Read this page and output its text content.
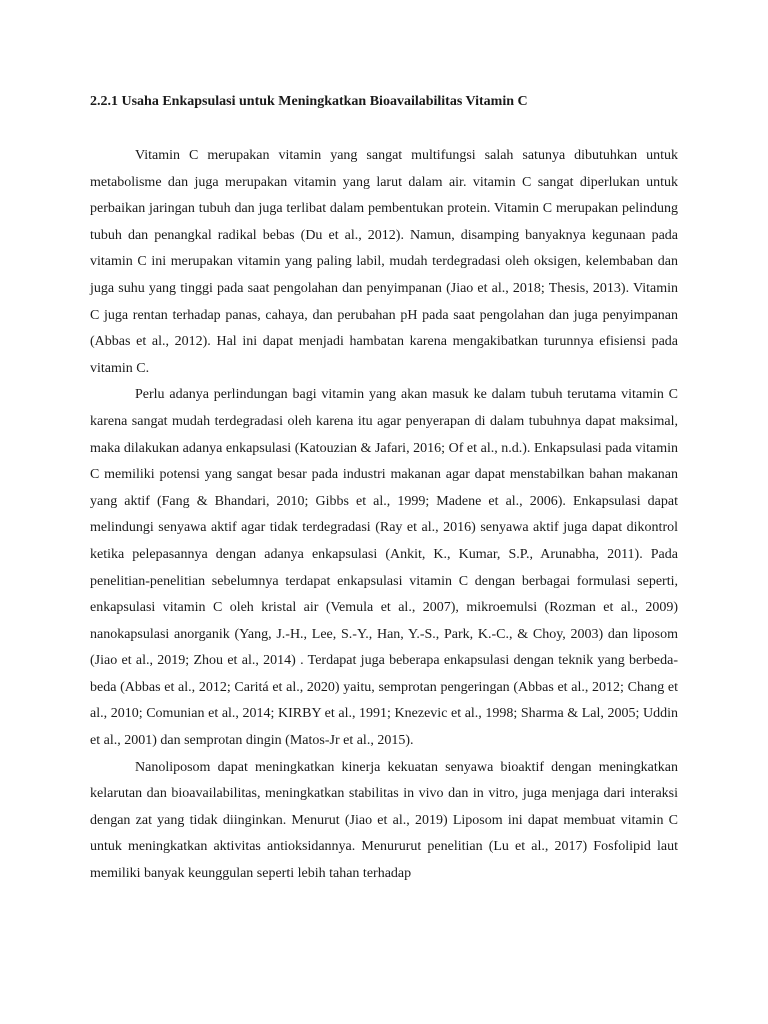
2.2.1 Usaha Enkapsulasi untuk Meningkatkan Bioavailabilitas Vitamin C

Vitamin C merupakan vitamin yang sangat multifungsi salah satunya dibutuhkan untuk metabolisme dan juga merupakan vitamin yang larut dalam air. vitamin C sangat diperlukan untuk perbaikan jaringan tubuh dan juga terlibat dalam pembentukan protein. Vitamin C merupakan pelindung tubuh dan penangkal radikal bebas (Du et al., 2012). Namun, disamping banyaknya kegunaan pada vitamin C ini merupakan vitamin yang paling labil, mudah terdegradasi oleh oksigen, kelembaban dan juga suhu yang tinggi pada saat pengolahan dan penyimpanan (Jiao et al., 2018; Thesis, 2013). Vitamin C juga rentan terhadap panas, cahaya, dan perubahan pH pada saat pengolahan dan juga penyimpanan (Abbas et al., 2012). Hal ini dapat menjadi hambatan karena mengakibatkan turunnya efisiensi pada vitamin C.

Perlu adanya perlindungan bagi vitamin yang akan masuk ke dalam tubuh terutama vitamin C karena sangat mudah terdegradasi oleh karena itu agar penyerapan di dalam tubuhnya dapat maksimal, maka dilakukan adanya enkapsulasi (Katouzian & Jafari, 2016; Of et al., n.d.). Enkapsulasi pada vitamin C memiliki potensi yang sangat besar pada industri makanan agar dapat menstabilkan bahan makanan yang aktif (Fang & Bhandari, 2010; Gibbs et al., 1999; Madene et al., 2006). Enkapsulasi dapat melindungi senyawa aktif agar tidak terdegradasi (Ray et al., 2016) senyawa aktif juga dapat dikontrol ketika pelepasannya dengan adanya enkapsulasi (Ankit, K., Kumar, S.P., Arunabha, 2011). Pada penelitian-penelitian sebelumnya terdapat enkapsulasi vitamin C dengan berbagai formulasi seperti, enkapsulasi vitamin C oleh kristal air (Vemula et al., 2007), mikroemulsi (Rozman et al., 2009) nanokapsulasi anorganik (Yang, J.-H., Lee, S.-Y., Han, Y.-S., Park, K.-C., & Choy, 2003) dan liposom (Jiao et al., 2019; Zhou et al., 2014) . Terdapat juga beberapa enkapsulasi dengan teknik yang berbeda-beda (Abbas et al., 2012; Caritá et al., 2020) yaitu, semprotan pengeringan (Abbas et al., 2012; Chang et al., 2010; Comunian et al., 2014; KIRBY et al., 1991; Knezevic et al., 1998; Sharma & Lal, 2005; Uddin et al., 2001) dan semprotan dingin (Matos-Jr et al., 2015).

Nanoliposom dapat meningkatkan kinerja kekuatan senyawa bioaktif dengan meningkatkan kelarutan dan bioavailabilitas, meningkatkan stabilitas in vivo dan in vitro, juga menjaga dari interaksi dengan zat yang tidak diinginkan. Menurut (Jiao et al., 2019) Liposom ini dapat membuat vitamin C untuk meningkatkan aktivitas antioksidannya. Menururut penelitian (Lu et al., 2017) Fosfolipid laut memiliki banyak keunggulan seperti lebih tahan terhadap
